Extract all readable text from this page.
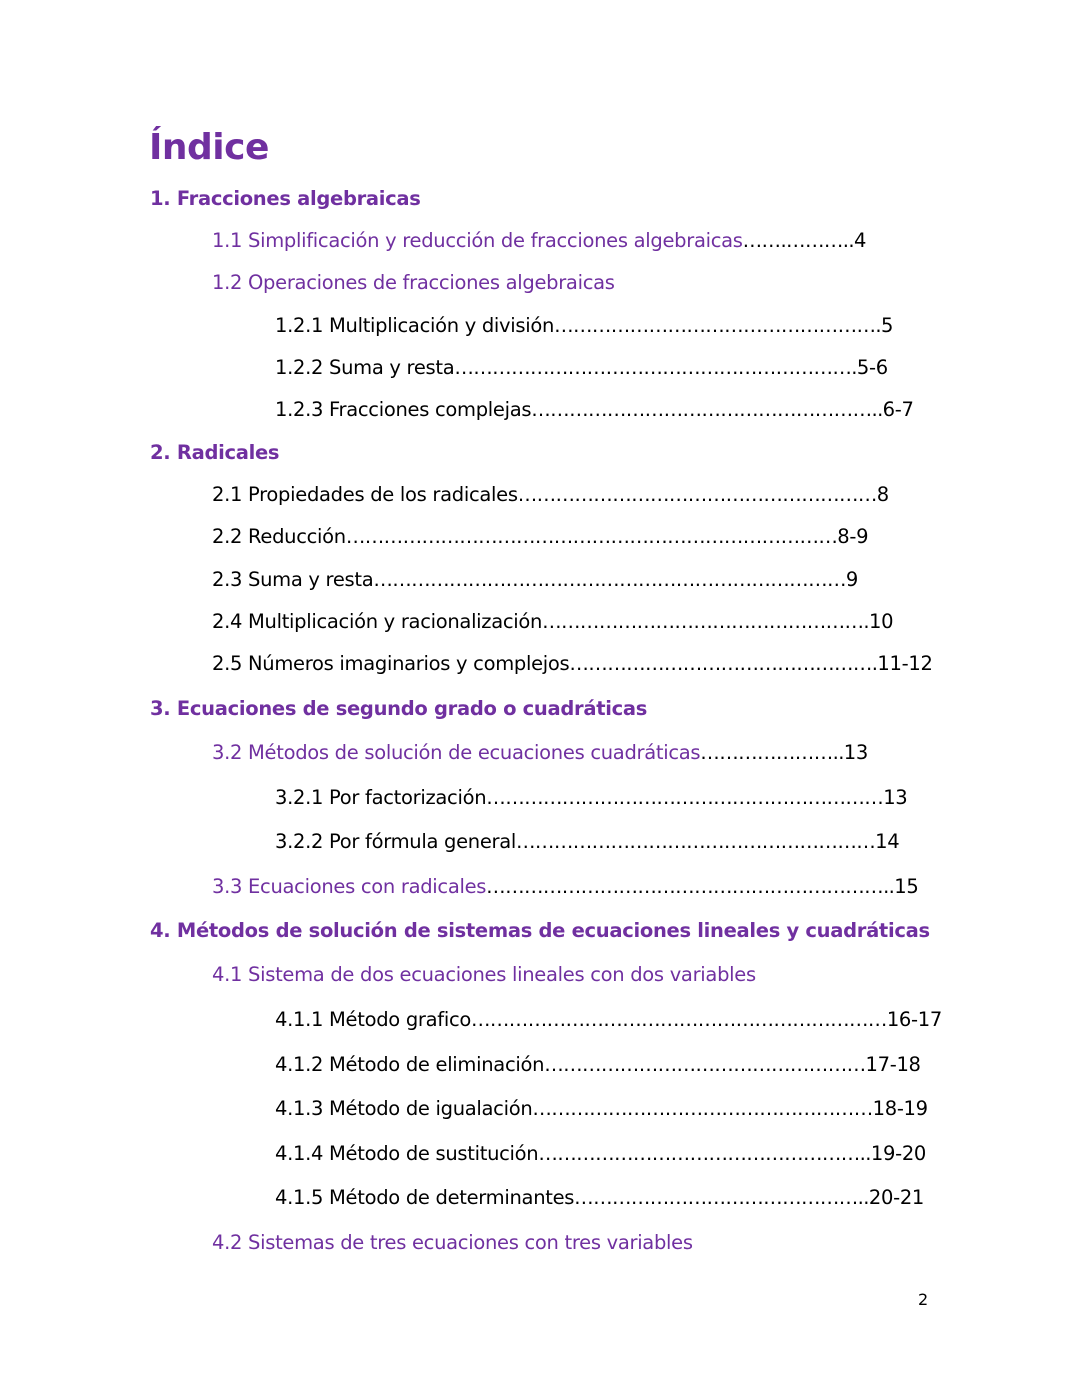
Índice
1. Fracciones algebraicas
1.1 Simplificación y reducción de fracciones algebraicas …….……….. 4
1.2 Operaciones de fracciones algebraicas
1.2.1 Multiplicación y división ……………………………………………. 5
1.2.2 Suma y resta ………………………………………………………. 5-6
1.2.3 Fracciones complejas ……………………………………………….. 6-7
2. Radicales
2.1 Propiedades de los radicales ………………………………………………… 8
2.2 Reducción …………………………………………………………………… 8-9
2.3 Suma y resta ………………………………………………………………… 9
2.4 Multiplicación y racionalización ……………………………………………. 10
2.5 Números imaginarios y complejos …………………………………………. 11-12
3. Ecuaciones de segundo grado o cuadráticas
3.2 Métodos de solución de ecuaciones cuadráticas ………………….. 13
3.2.1 Por factorización ……………………………………………………… 13
3.2.2 Por fórmula general ………………………………………………… 14
3.3 Ecuaciones con radicales ……………………………………………………….. 15
4. Métodos de solución de sistemas de ecuaciones lineales y cuadráticas
4.1 Sistema de dos ecuaciones lineales con dos variables
4.1.1 Método grafico ………………………………………………………… 16-17
4.1.2 Método de eliminación …………………………………………… 17-18
4.1.3 Método de igualación ……………………………………………… 18-19
4.1.4 Método de sustitución …………………………………………….. 19-20
4.1.5 Método de determinantes ……………………………………….. 20-21
4.2 Sistemas de tres ecuaciones con tres variables
2
